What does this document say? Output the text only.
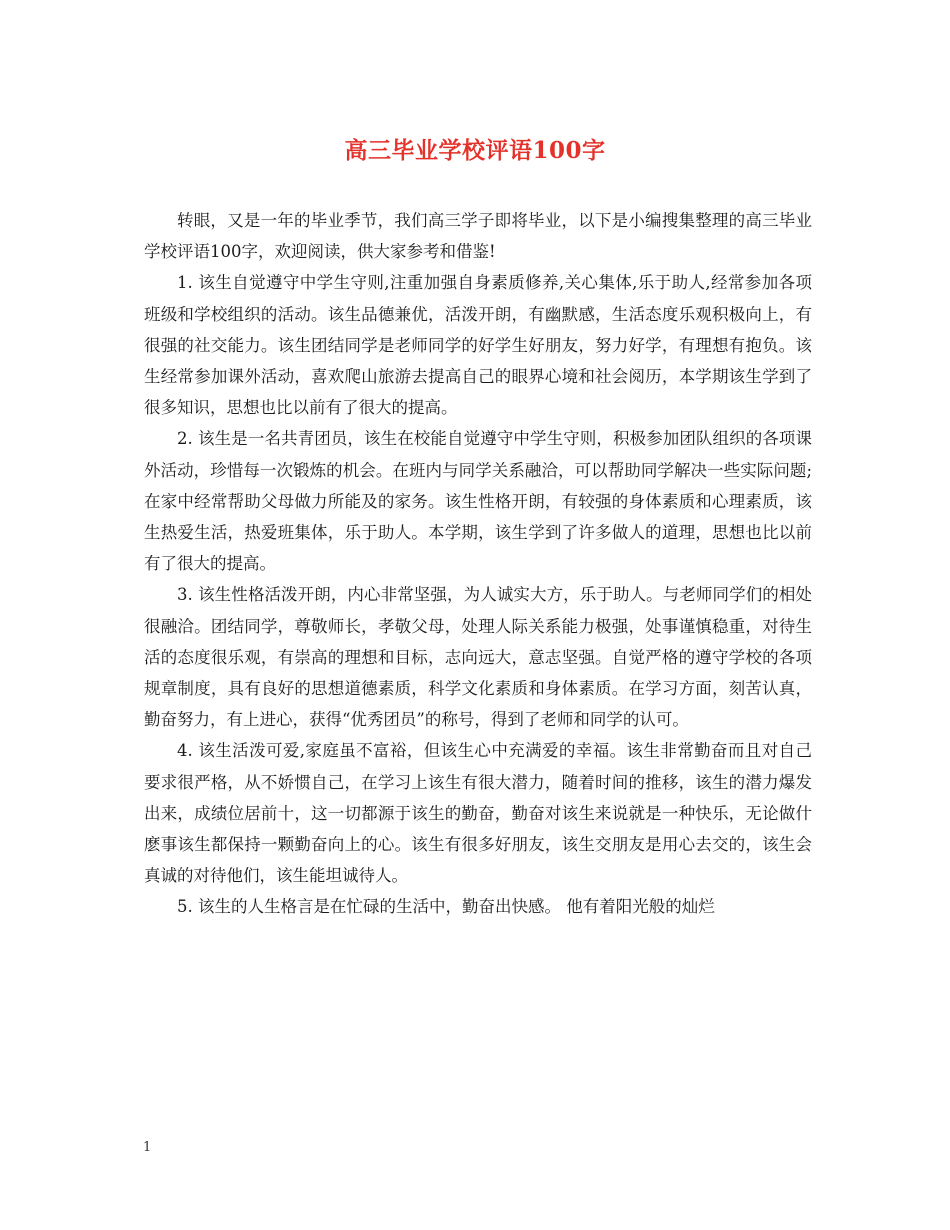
高三毕业学校评语100字

转眼，又是一年的毕业季节，我们高三学子即将毕业，以下是小编搜集整理的高三毕业学校评语100字，欢迎阅读，供大家参考和借鉴!

1. 该生自觉遵守中学生守则,注重加强自身素质修养,关心集体,乐于助人,经常参加各项班级和学校组织的活动。该生品德兼优，活泼开朗，有幽默感，生活态度乐观积极向上，有很强的社交能力。该生团结同学是老师同学的好学生好朋友，努力好学，有理想有抱负。该生经常参加课外活动，喜欢爬山旅游去提高自己的眼界心境和社会阅历，本学期该生学到了很多知识，思想也比以前有了很大的提高。

2. 该生是一名共青团员，该生在校能自觉遵守中学生守则，积极参加团队组织的各项课外活动，珍惜每一次锻炼的机会。在班内与同学关系融洽，可以帮助同学解决一些实际问题;在家中经常帮助父母做力所能及的家务。该生性格开朗，有较强的身体素质和心理素质，该生热爱生活，热爱班集体，乐于助人。本学期，该生学到了许多做人的道理，思想也比以前有了很大的提高。

3. 该生性格活泼开朗，内心非常坚强，为人诚实大方，乐于助人。与老师同学们的相处很融洽。团结同学，尊敬师长，孝敬父母，处理人际关系能力极强，处事谨慎稳重，对待生活的态度很乐观，有崇高的理想和目标，志向远大，意志坚强。自觉严格的遵守学校的各项规章制度，具有良好的思想道德素质，科学文化素质和身体素质。在学习方面，刻苦认真，勤奋努力，有上进心，获得“优秀团员”的称号，得到了老师和同学的认可。

4. 该生活泼可爱,家庭虽不富裕，但该生心中充满爱的幸福。该生非常勤奋而且对自己要求很严格，从不娇惯自己，在学习上该生有很大潜力，随着时间的推移，该生的潜力爆发出来，成绩位居前十，这一切都源于该生的勤奋，勤奋对该生来说就是一种快乐，无论做什麽事该生都保持一颗勤奋向上的心。该生有很多好朋友，该生交朋友是用心去交的，该生会真诚的对待他们，该生能坦诚待人。

5. 该生的人生格言是在忙碌的生活中，勤奋出快感。 他有着阳光般的灿烂

1
